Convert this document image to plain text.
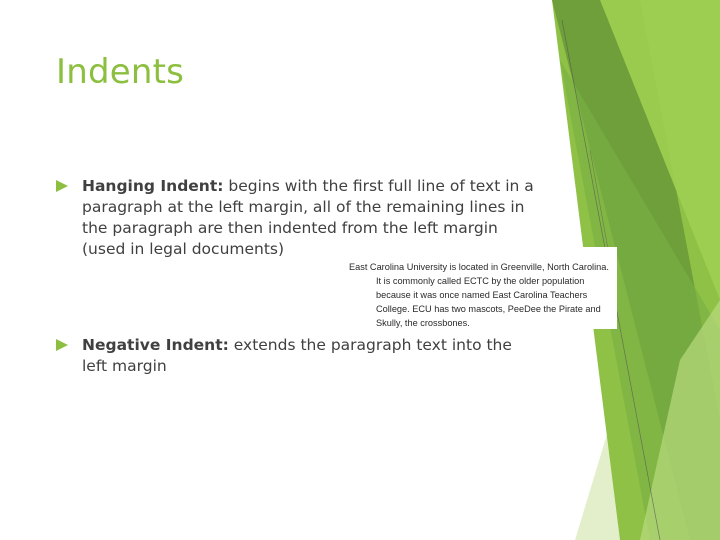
Indents
Hanging Indent: begins with the first full line of text in a paragraph at the left margin, all of the remaining lines in the paragraph are then indented from the left margin (used in legal documents)
East Carolina University is located in Greenville, North Carolina.
It is commonly called ECTC by the older population
because it was once named East Carolina Teachers
College. ECU has two mascots, PeeDee the Pirate and
Skully, the crossbones.
Negative Indent: extends the paragraph text into the left margin
